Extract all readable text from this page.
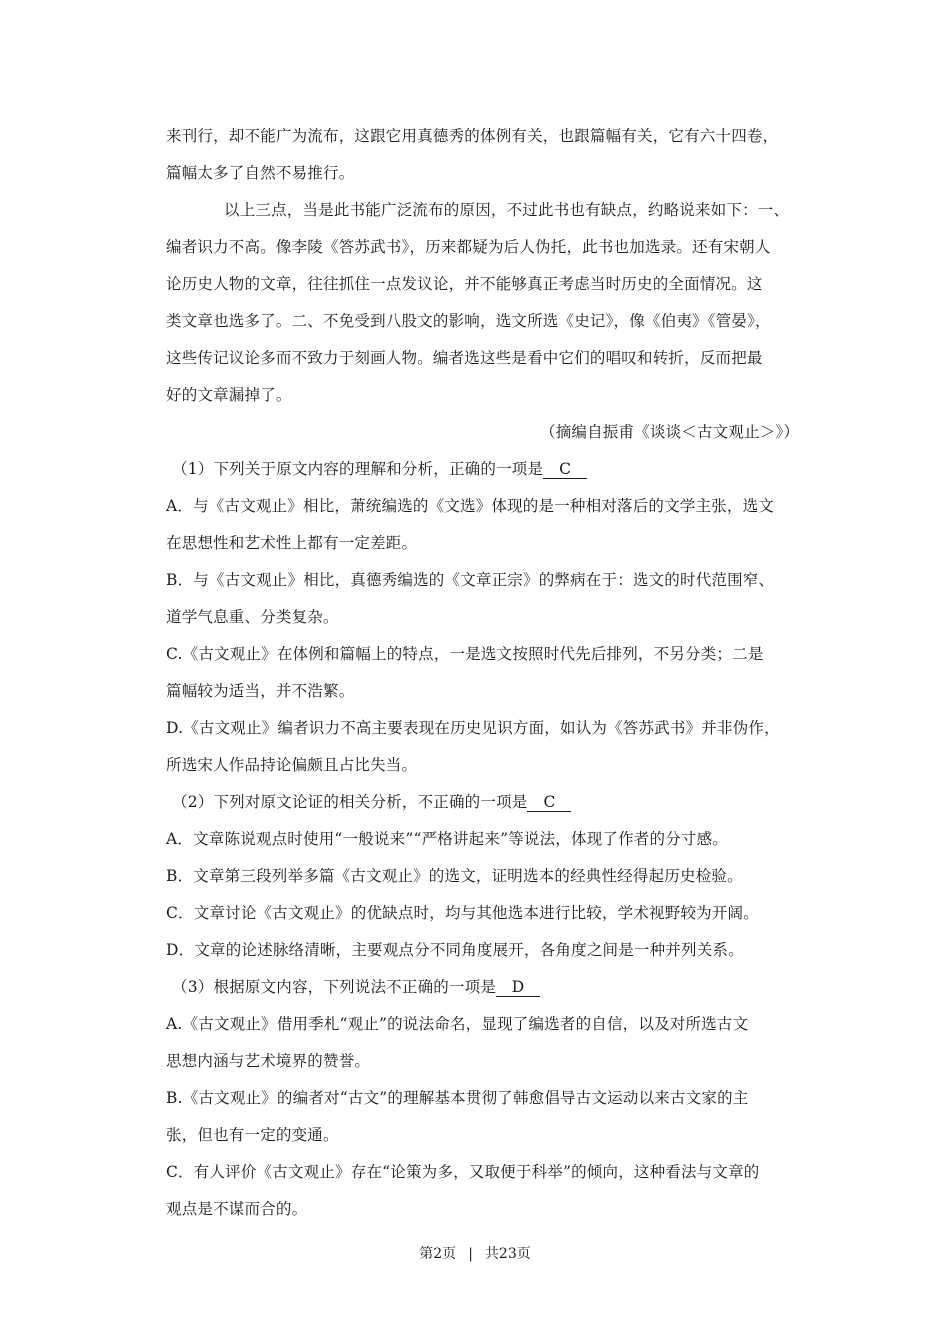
来刊行，却不能广为流布，这跟它用真德秀的体例有关，也跟篇幅有关，它有六十四卷，
篇幅太多了自然不易推行。
以上三点，当是此书能广泛流布的原因，不过此书也有缺点，约略说来如下：一、
编者识力不高。像李陵《答苏武书》，历来都疑为后人伪托，此书也加选录。还有宋朝人
论历史人物的文章，往往抓住一点发议论，并不能够真正考虑当时历史的全面情况。这
类文章也选多了。二、不免受到八股文的影响，选文所选《史记》，像《伯夷》《管晏》，
这些传记议论多而不致力于刻画人物。编者选这些是看中它们的唱叹和转折，反而把最
好的文章漏掉了。
（摘编自振甫《谈谈＜古文观止＞》）
（1）下列关于原文内容的理解和分析，正确的一项是 C
A．与《古文观止》相比，萧统编选的《文选》体现的是一种相对落后的文学主张，选文
在思想性和艺术性上都有一定差距。
B．与《古文观止》相比，真德秀编选的《文章正宗》的弊病在于：选文的时代范围窄、
道学气息重、分类复杂。
C.《古文观止》在体例和篇幅上的特点，一是选文按照时代先后排列，不另分类；二是
篇幅较为适当，并不浩繁。
D.《古文观止》编者识力不高主要表现在历史见识方面，如认为《答苏武书》并非伪作，
所选宋人作品持论偏颇且占比失当。
（2）下列对原文论证的相关分析，不正确的一项是 C
A．文章陈说观点时使用“一般说来”“严格讲起来”等说法，体现了作者的分寸感。
B．文章第三段列举多篇《古文观止》的选文，证明选本的经典性经得起历史检验。
C．文章讨论《古文观止》的优缺点时，均与其他选本进行比较，学术视野较为开阔。
D．文章的论述脉络清晰，主要观点分不同角度展开，各角度之间是一种并列关系。
（3）根据原文内容，下列说法不正确的一项是 D
A.《古文观止》借用季札“观止”的说法命名，显现了编选者的自信，以及对所选古文
思想内涵与艺术境界的赞誉。
B.《古文观止》的编者对“古文”的理解基本贯彻了韩愈倡导古文运动以来古文家的主
张，但也有一定的变通。
C．有人评价《古文观止》存在“论策为多，又取便于科举”的倾向，这种看法与文章的
观点是不谋而合的。
第2页 | 共23页
